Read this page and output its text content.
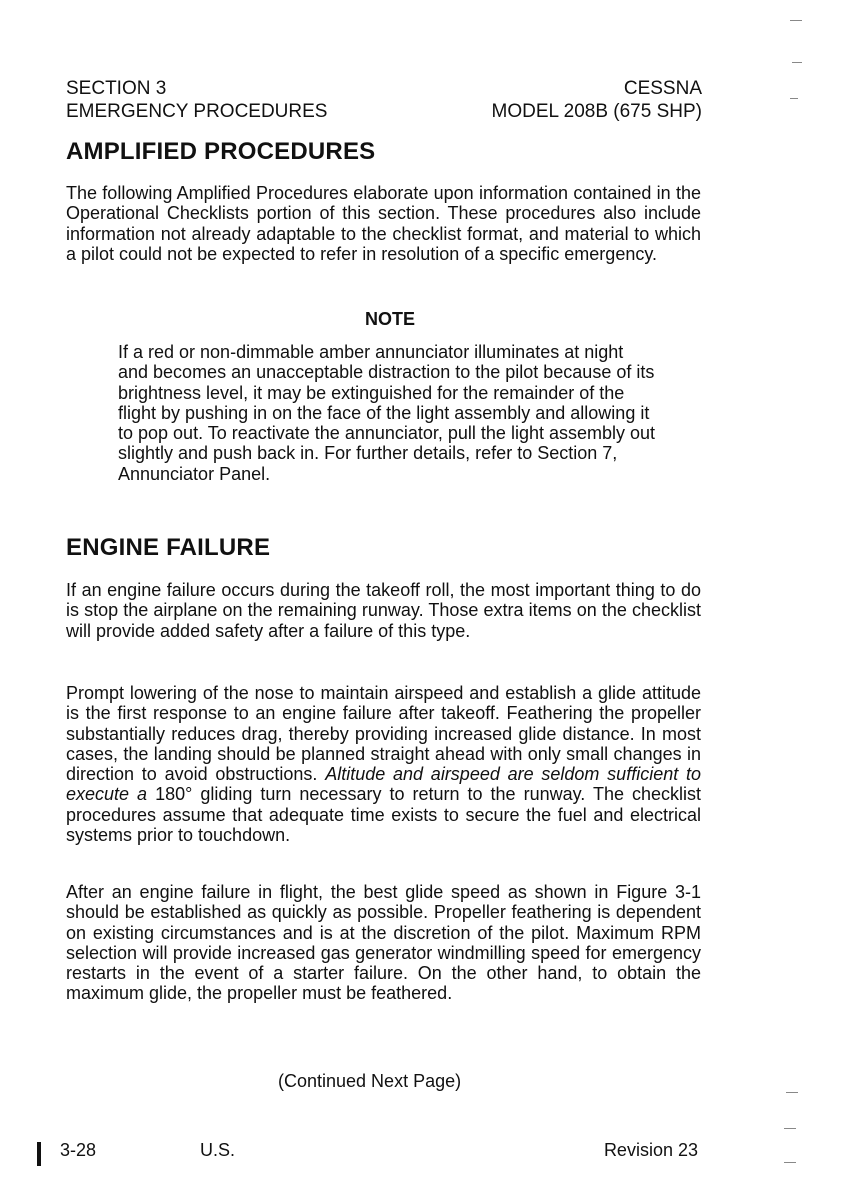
SECTION 3
EMERGENCY PROCEDURES
CESSNA
MODEL 208B (675 SHP)
AMPLIFIED PROCEDURES

The following Amplified Procedures elaborate upon information contained in the Operational Checklists portion of this section. These procedures also include information not already adaptable to the checklist format, and material to which a pilot could not be expected to refer in resolution of a specific emergency.

NOTE

If a red or non-dimmable amber annunciator illuminates at night and becomes an unacceptable distraction to the pilot because of its brightness level, it may be extinguished for the remainder of the flight by pushing in on the face of the light assembly and allowing it to pop out. To reactivate the annunciator, pull the light assembly out slightly and push back in. For further details, refer to Section 7, Annunciator Panel.

ENGINE FAILURE

If an engine failure occurs during the takeoff roll, the most important thing to do is stop the airplane on the remaining runway. Those extra items on the checklist will provide added safety after a failure of this type.

Prompt lowering of the nose to maintain airspeed and establish a glide attitude is the first response to an engine failure after takeoff. Feathering the propeller substantially reduces drag, thereby providing increased glide distance. In most cases, the landing should be planned straight ahead with only small changes in direction to avoid obstructions. Altitude and airspeed are seldom sufficient to execute a 180° gliding turn necessary to return to the runway. The checklist procedures assume that adequate time exists to secure the fuel and electrical systems prior to touchdown.

After an engine failure in flight, the best glide speed as shown in Figure 3-1 should be established as quickly as possible. Propeller feathering is dependent on existing circumstances and is at the discretion of the pilot. Maximum RPM selection will provide increased gas generator windmilling speed for emergency restarts in the event of a starter failure. On the other hand, to obtain the maximum glide, the propeller must be feathered.

(Continued Next Page)
3-28	U.S.	Revision 23
